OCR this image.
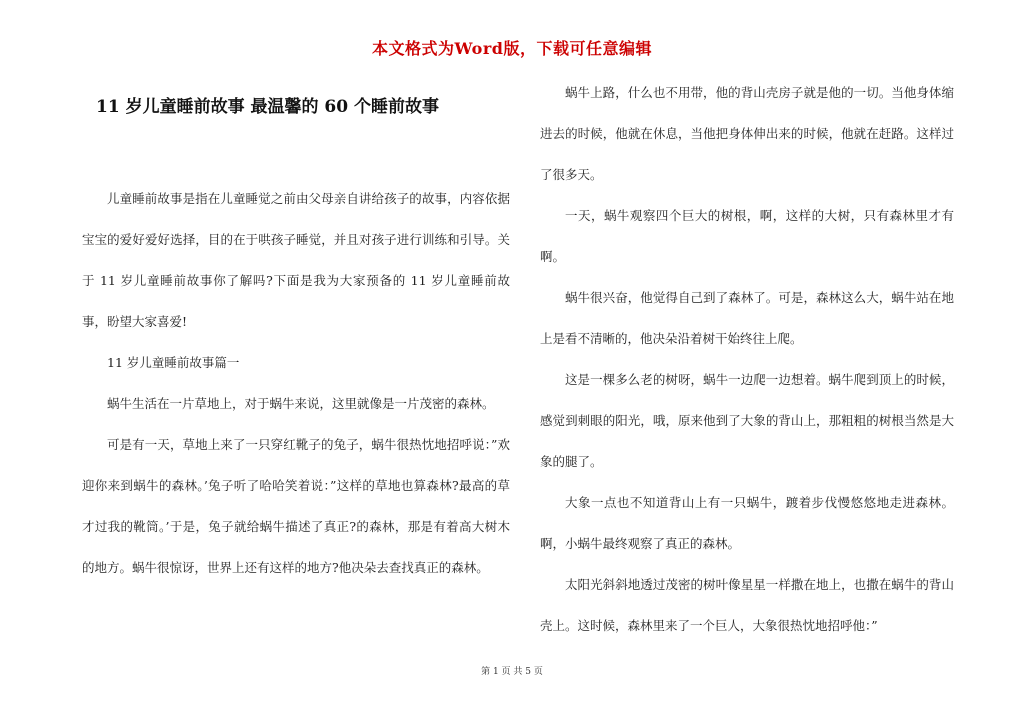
本文格式为Word版，下载可任意编辑
11 岁儿童睡前故事 最温馨的 60 个睡前故事

儿童睡前故事是指在儿童睡觉之前由父母亲自讲给孩子的故事，内容依据宝宝的爱好爱好选择，目的在于哄孩子睡觉，并且对孩子进行训练和引导。关于 11 岁儿童睡前故事你了解吗?下面是我为大家预备的 11 岁儿童睡前故事，盼望大家喜爱!

11 岁儿童睡前故事篇一

蜗牛生活在一片草地上，对于蜗牛来说，这里就像是一片茂密的森林。

可是有一天，草地上来了一只穿红靴子的兔子，蜗牛很热忱地招呼说：”欢迎你来到蜗牛的森林。’兔子听了哈哈笑着说：”这样的草地也算森林?最高的草才过我的靴筒。’于是，兔子就给蜗牛描述了真正?的森林，那是有着高大树木的地方。蜗牛很惊讶，世界上还有这样的地方?他决朵去查找真正的森林。

蜗牛上路，什么也不用带，他的背山壳房子就是他的一切。当他身体缩进去的时候，他就在休息，当他把身体伸出来的时候，他就在赶路。这样过了很多天。

一天，蜗牛观察四个巨大的树根，啊，这样的大树，只有森林里才有啊。

蜗牛很兴奋，他觉得自己到了森林了。可是，森林这么大，蜗牛站在地上是看不清晰的，他决朵沿着树干始终往上爬。

这是一棵多么老的树呀，蜗牛一边爬一边想着。蜗牛爬到顶上的时候，感觉到刺眼的阳光，哦，原来他到了大象的背山上，那粗粗的树根当然是大象的腿了。

大象一点也不知道背山上有一只蜗牛，踱着步伐慢悠悠地走进森林。啊，小蜗牛最终观察了真正的森林。

太阳光斜斜地透过茂密的树叶像星星一样撒在地上，也撒在蜗牛的背山壳上。这时候，森林里来了一个巨人，大象很热忱地招呼他：”

第 1 页 共 5 页
